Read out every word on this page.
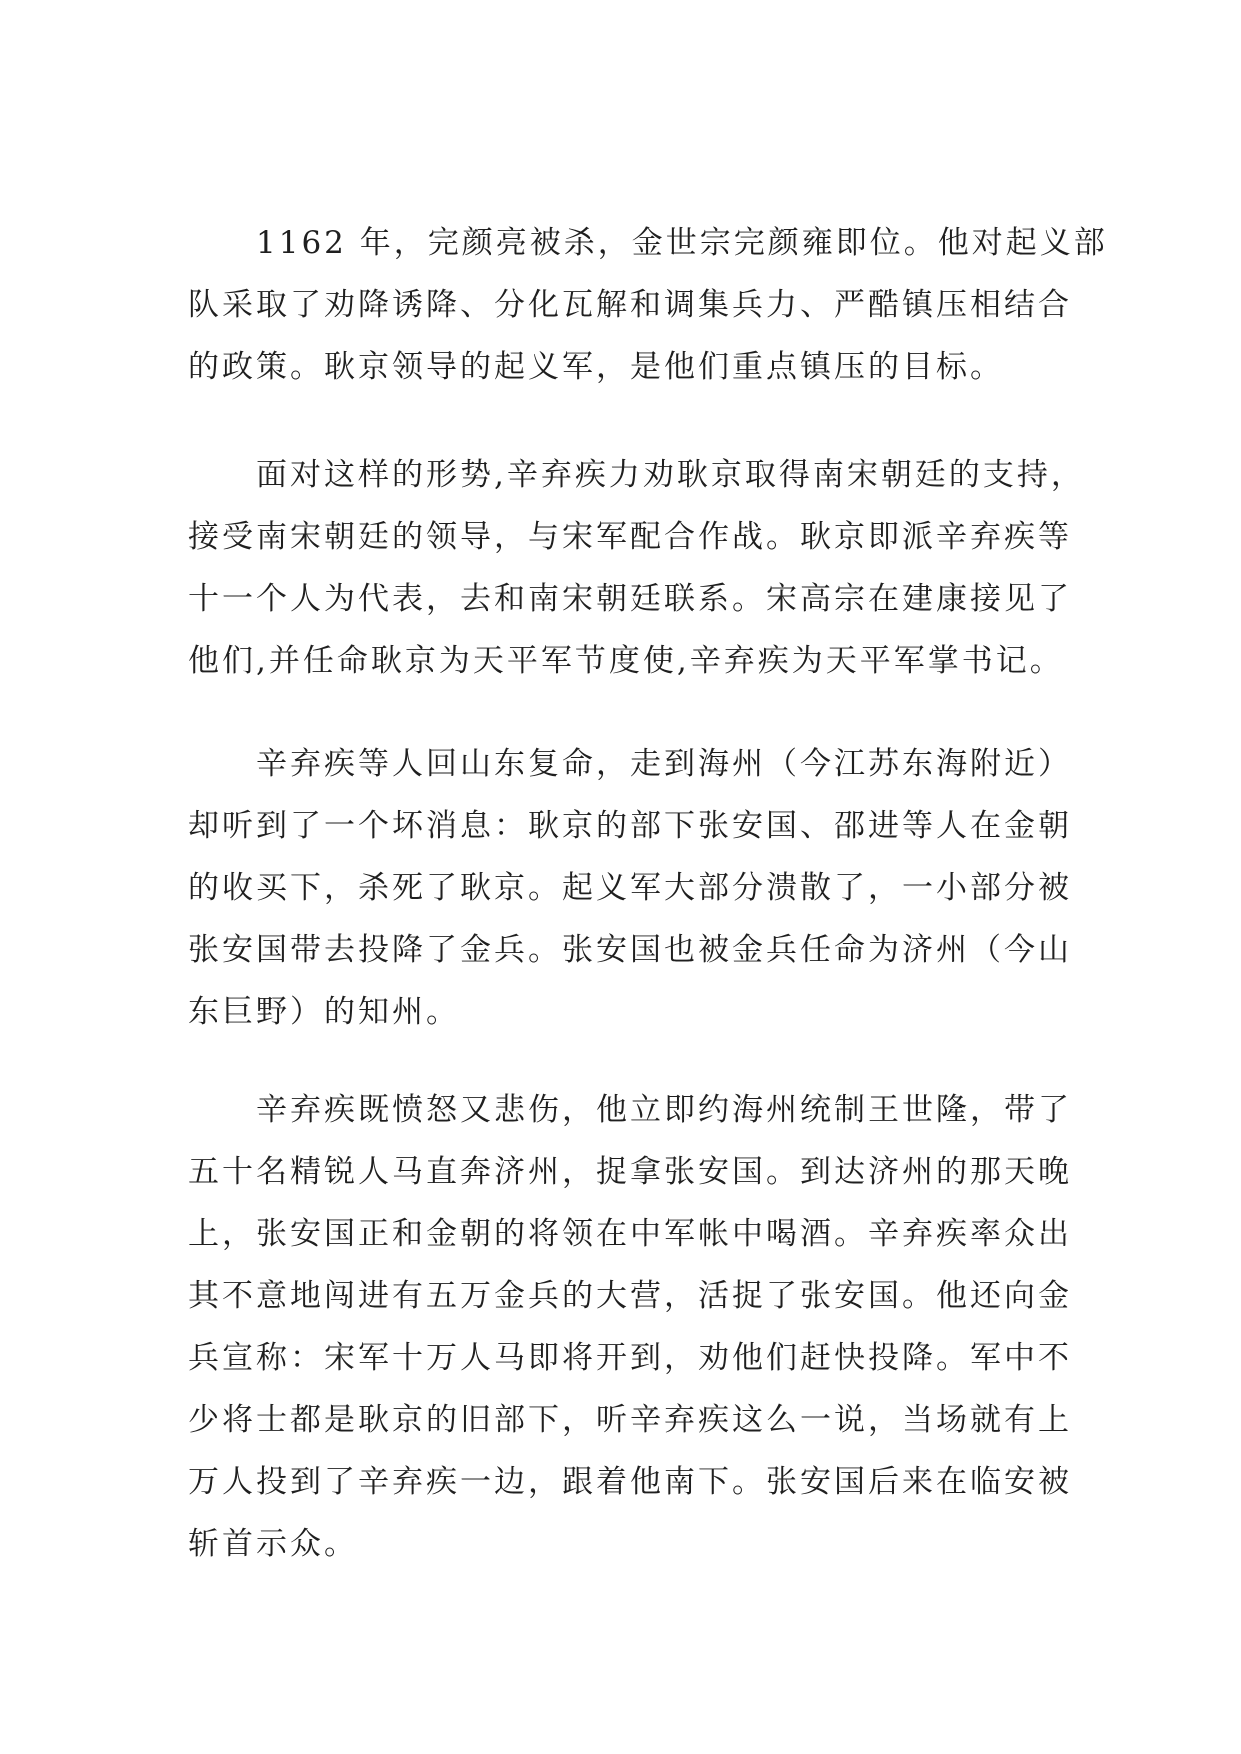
　　1162 年，完颜亮被杀，金世宗完颜雍即位。他对起义部
队采取了劝降诱降、分化瓦解和调集兵力、严酷镇压相结合
的政策。耿京领导的起义军，是他们重点镇压的目标。

　　面对这样的形势,辛弃疾力劝耿京取得南宋朝廷的支持，
接受南宋朝廷的领导，与宋军配合作战。耿京即派辛弃疾等
十一个人为代表，去和南宋朝廷联系。宋高宗在建康接见了
他们,并任命耿京为天平军节度使,辛弃疾为天平军掌书记。

　　辛弃疾等人回山东复命，走到海州（今江苏东海附近）
却听到了一个坏消息：耿京的部下张安国、邵进等人在金朝
的收买下，杀死了耿京。起义军大部分溃散了，一小部分被
张安国带去投降了金兵。张安国也被金兵任命为济州（今山
东巨野）的知州。

　　辛弃疾既愤怒又悲伤，他立即约海州统制王世隆，带了
五十名精锐人马直奔济州，捉拿张安国。到达济州的那天晚
上，张安国正和金朝的将领在中军帐中喝酒。辛弃疾率众出
其不意地闯进有五万金兵的大营，活捉了张安国。他还向金
兵宣称：宋军十万人马即将开到，劝他们赶快投降。军中不
少将士都是耿京的旧部下，听辛弃疾这么一说，当场就有上
万人投到了辛弃疾一边，跟着他南下。张安国后来在临安被
斩首示众。
